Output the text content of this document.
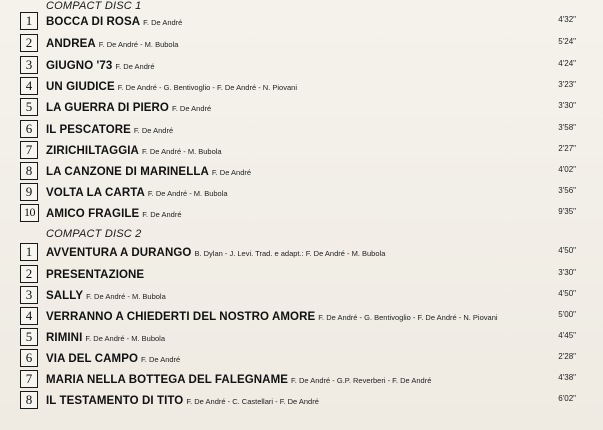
COMPACT DISC 1
1	BOCCA DI ROSA F. De André	4'32"
2	ANDREA F. De André - M. Bubola	5'24"
3	GIUGNO '73 F. De André	4'24"
4	UN GIUDICE F. De André - G. Bentivoglio - F. De André - N. Piovani	3'23"
5	LA GUERRA DI PIERO F. De André	3'30"
6	IL PESCATORE F. De André	3'58"
7	ZIRICHILTAGGIA F. De André - M. Bubola	2'27"
8	LA CANZONE DI MARINELLA F. De André	4'02"
9	VOLTA LA CARTA F. De André - M. Bubola	3'56"
10 AMICO FRAGILE F. De André	9'35"
COMPACT DISC 2
1	AVVENTURA A DURANGO B. Dylan - J. Levi. Trad. e adapt.: F. De André - M. Bubola	4'50"
2	PRESENTAZIONE	3'30"
3	SALLY F. De André - M. Bubola	4'50"
4	VERRANNO A CHIEDERTI DEL NOSTRO AMORE F. De André - G. Bentivoglio - F. De André - N. Piovani	5'00"
5	RIMINI F. De André - M. Bubola	4'45"
6	VIA DEL CAMPO F. De André	2'28"
7	MARIA NELLA BOTTEGA DEL FALEGNAME F. De André - G.P. Reverberi - F. De André	4'38"
8	IL TESTAMENTO DI TITO F. De André - C. Castellari - F. De André	6'02"
